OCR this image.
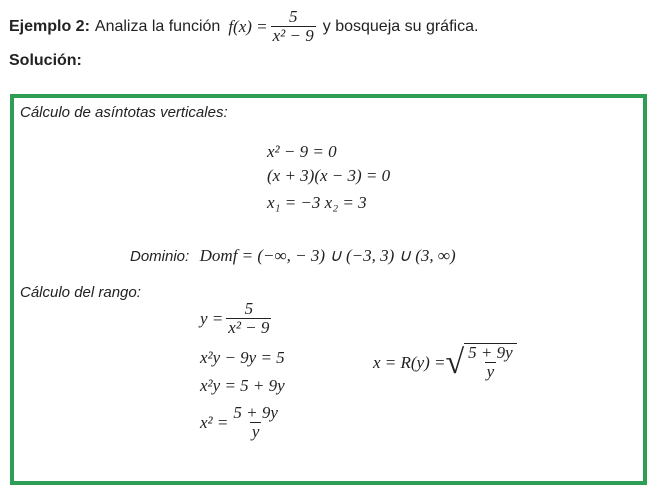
Ejemplo 2: Analiza la función $f(x) = \frac{5}{\text{x² − 9}}$ y bosqueja su gráfica.
Solución:
Cálculo de asíntotas verticales:
x² − 9 = 0
(x + 3)(x − 3) = 0
x₁ = −3 x₂ = 3
Dominio: Domf = (−∞, − 3) ∪ (−3, 3) ∪ (3, ∞)
Cálculo del rango:
$y = \frac{5}{\text{x² − 9}}$
x²y − 9y = 5
x²y = 5 + 9y
$x^2 = \frac{5 + 9y}{y}$
x = R(y) = √ $\frac{5 + 9y}{y}$
